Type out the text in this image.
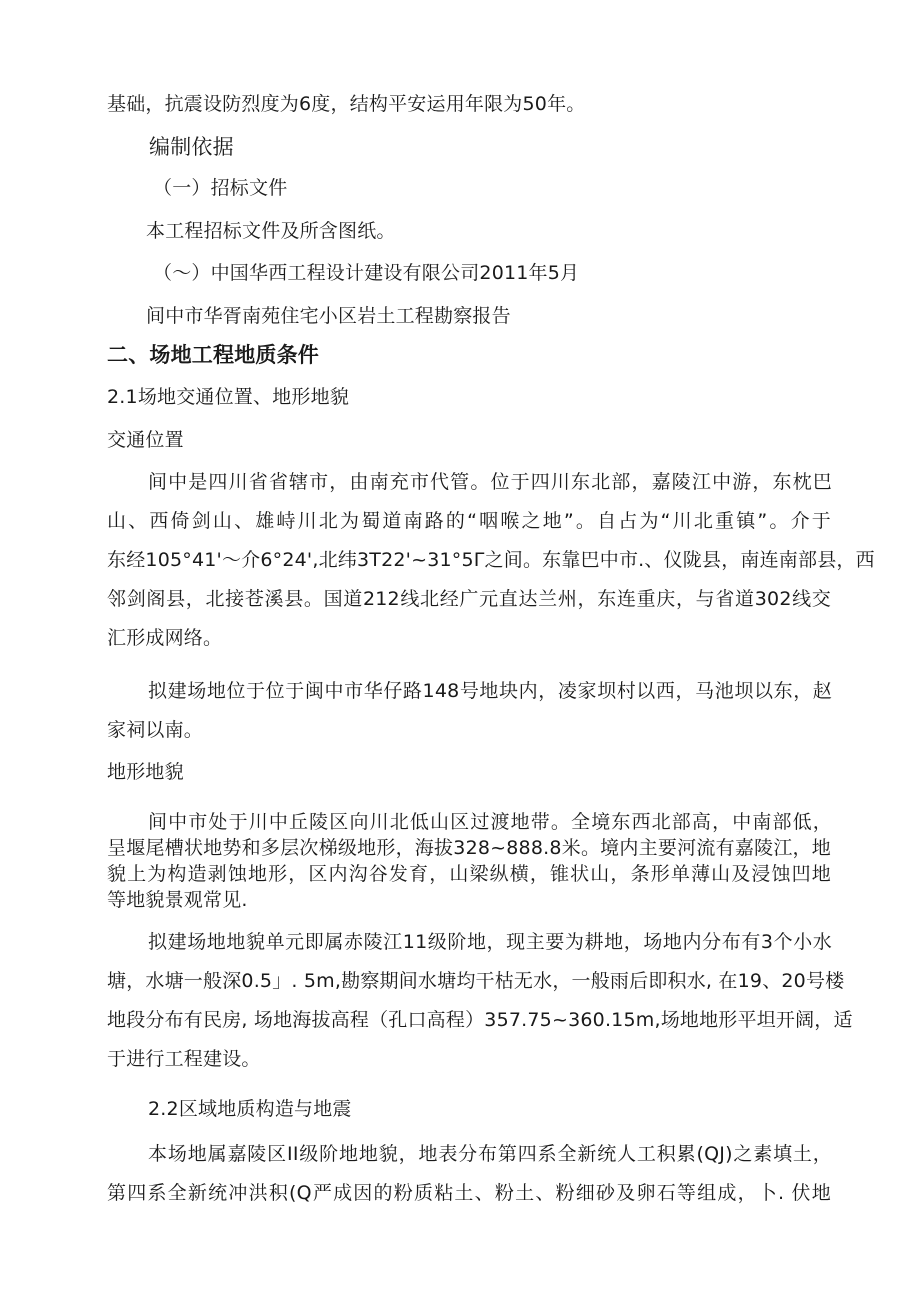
基础，抗震设防烈度为6度，结构平安运用年限为50年。
编制依据
（一）招标文件
本工程招标文件及所含图纸。
（〜）中国华西工程设计建设有限公司2011年5月
间中市华胥南苑住宅小区岩土工程勘察报告
二、场地工程地质条件
2.1场地交通位置、地形地貌
交通位置
间中是四川省省辖市，由南充市代管。位于四川东北部，嘉陵江中游，东枕巴
山、西倚剑山、雄峙川北为蜀道南路的“咽喉之地”。自占为“川北重镇”。介于
东经105°41'〜介6°24',北纬3T22'~31°5Γ之间。东靠巴中市.、仪陇县，南连南部县，西
邻剑阁县，北接苍溪县。国道212线北经广元直达兰州，东连重庆，与省道302线交
汇形成网络。
拟建场地位于位于闽中市华仔路148号地块内，凌家坝村以西，马池坝以东，赵
家祠以南。
地形地貌
间中市处于川中丘陵区向川北低山区过渡地带。全境东西北部高，中南部低，
呈堰尾槽状地势和多层次梯级地形，海拔328~888.8米。境内主要河流有嘉陵江，地
貌上为构造剥蚀地形，区内沟谷发育，山梁纵横，锥状山，条形单薄山及浸蚀凹地
等地貌景观常见.
拟建场地地貌单元即属赤陵江11级阶地，现主要为耕地，场地内分布有3个小水
塘，水塘一般深0.5」. 5m,勘察期间水塘均干枯无水，一般雨后即积水, 在19、20号楼
地段分布有民房, 场地海拔高程（孔口高程）357.75~360.15m,场地地形平坦开阔，适
于进行工程建设。
2.2区域地质构造与地震
本场地属嘉陵区II级阶地地貌，地表分布第四系全新统人工积累(QJ)之素填土，
第四系全新统冲洪积(Q严成因的粉质粘土、粉土、粉细砂及卵石等组成，卜. 伏地
